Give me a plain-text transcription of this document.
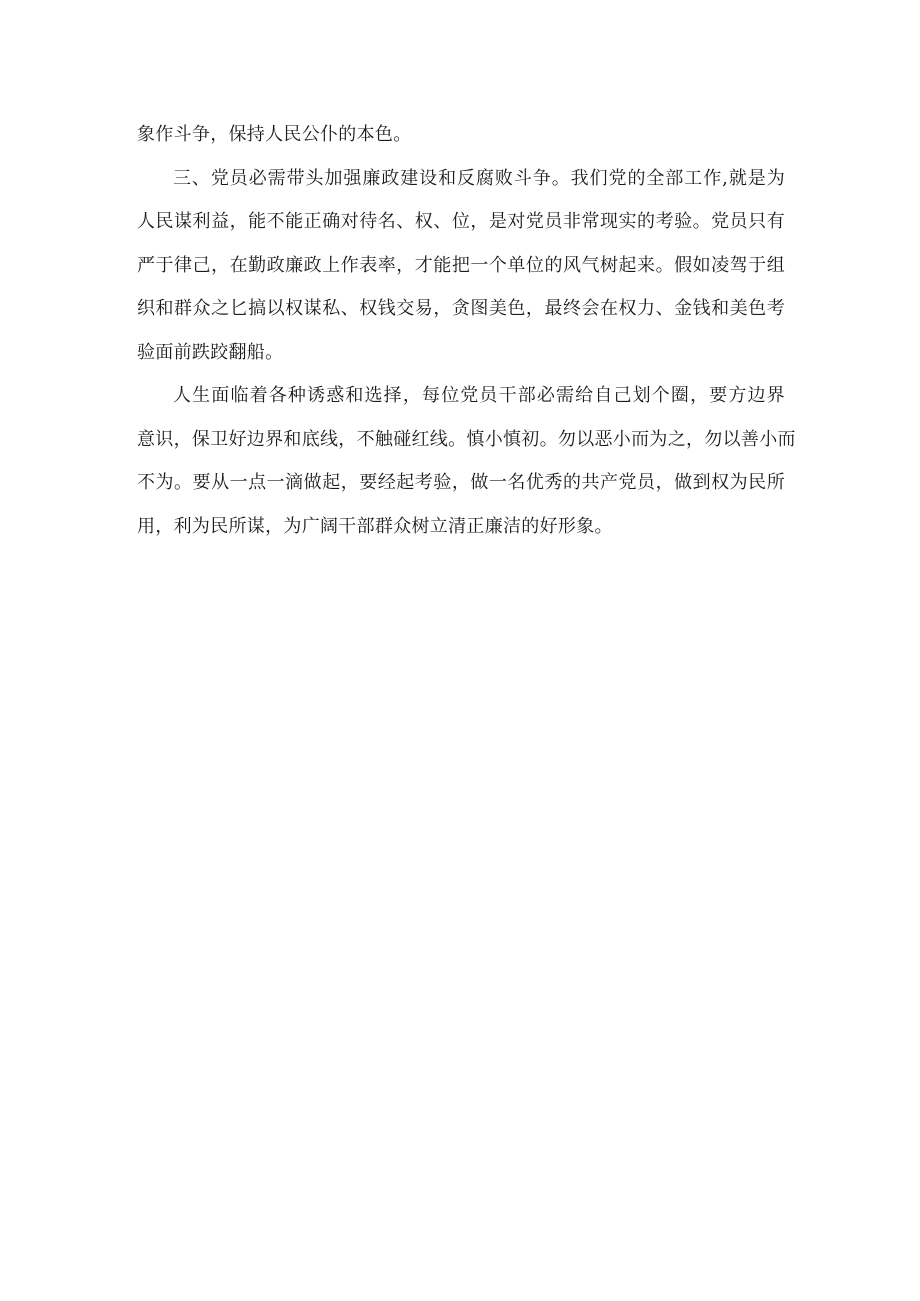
象作斗争，保持人民公仆的本色。
三、党员必需带头加强廉政建设和反腐败斗争。我们党的全部工作,就是为
人民谋利益，能不能正确对待名、权、位，是对党员非常现实的考验。党员只有
严于律己，在勤政廉政上作表率，才能把一个单位的风气树起来。假如凌驾于组
织和群众之匕搞以权谋私、权钱交易，贪图美色，最终会在权力、金钱和美色考
验面前跌跤翻船。
人生面临着各种诱惑和选择，每位党员干部必需给自己划个圈，要方边界
意识，保卫好边界和底线，不触碰红线。慎小慎初。勿以恶小而为之，勿以善小而
不为。要从一点一滴做起，要经起考验，做一名优秀的共产党员，做到权为民所
用，利为民所谋，为广阔干部群众树立清正廉洁的好形象。
